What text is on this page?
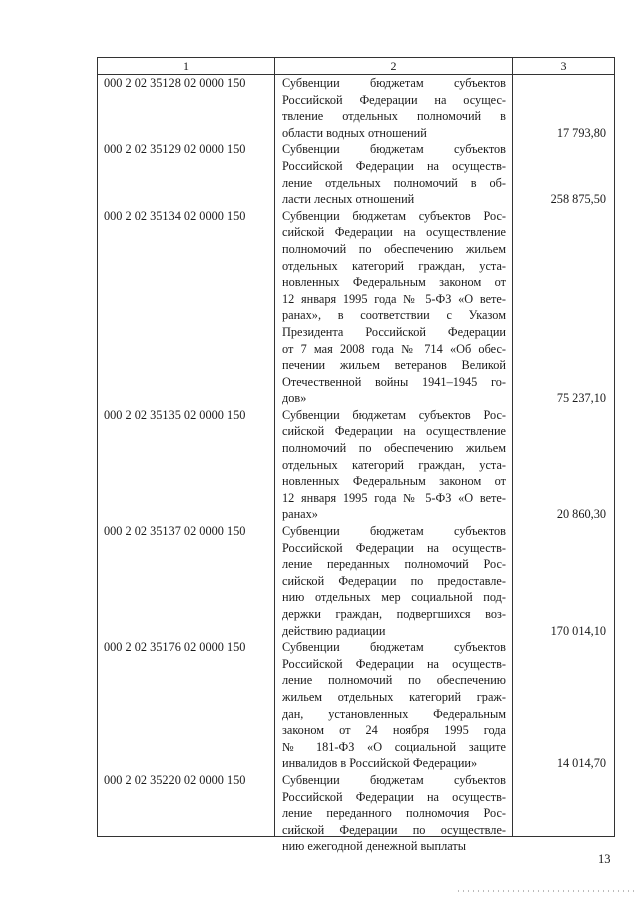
1	2	3
000 2 02 35128 02 0000 150	Субвенции бюджетам субъектов
Российской Федерации на осущес-
твление отдельных полномочий в
области водных отношений	17 793,80
000 2 02 35129 02 0000 150	Субвенции бюджетам субъектов
Российской Федерации на осуществ-
ление отдельных полномочий в об-
ласти лесных отношений	258 875,50
000 2 02 35134 02 0000 150	Субвенции бюджетам субъектов Рос-
сийской Федерации на осуществление
полномочий по обеспечению жильем
отдельных категорий граждан, уста-
новленных Федеральным законом от
12 января 1995 года № 5-ФЗ «О вете-
ранах», в соответствии с Указом
Президента Российской Федерации
от 7 мая 2008 года № 714 «Об обес-
печении жильем ветеранов Великой
Отечественной войны 1941–1945 го-
дов»	75 237,10
000 2 02 35135 02 0000 150	Субвенции бюджетам субъектов Рос-
сийской Федерации на осуществление
полномочий по обеспечению жильем
отдельных категорий граждан, уста-
новленных Федеральным законом от
12 января 1995 года № 5-ФЗ «О вете-
ранах»	20 860,30
000 2 02 35137 02 0000 150	Субвенции бюджетам субъектов
Российской Федерации на осуществ-
ление переданных полномочий Рос-
сийской Федерации по предоставле-
нию отдельных мер социальной под-
держки граждан, подвергшихся воз-
действию радиации	170 014,10
000 2 02 35176 02 0000 150	Субвенции бюджетам субъектов
Российской Федерации на осуществ-
ление полномочий по обеспечению
жильем отдельных категорий граж-
дан, установленных Федеральным
законом от 24 ноября 1995 года
№ 181-ФЗ «О социальной защите
инвалидов в Российской Федерации»	14 014,70
000 2 02 35220 02 0000 150	Субвенции бюджетам субъектов
Российской Федерации на осуществ-
ление переданного полномочия Рос-
сийской Федерации по осуществле-
нию ежегодной денежной выплаты
13
